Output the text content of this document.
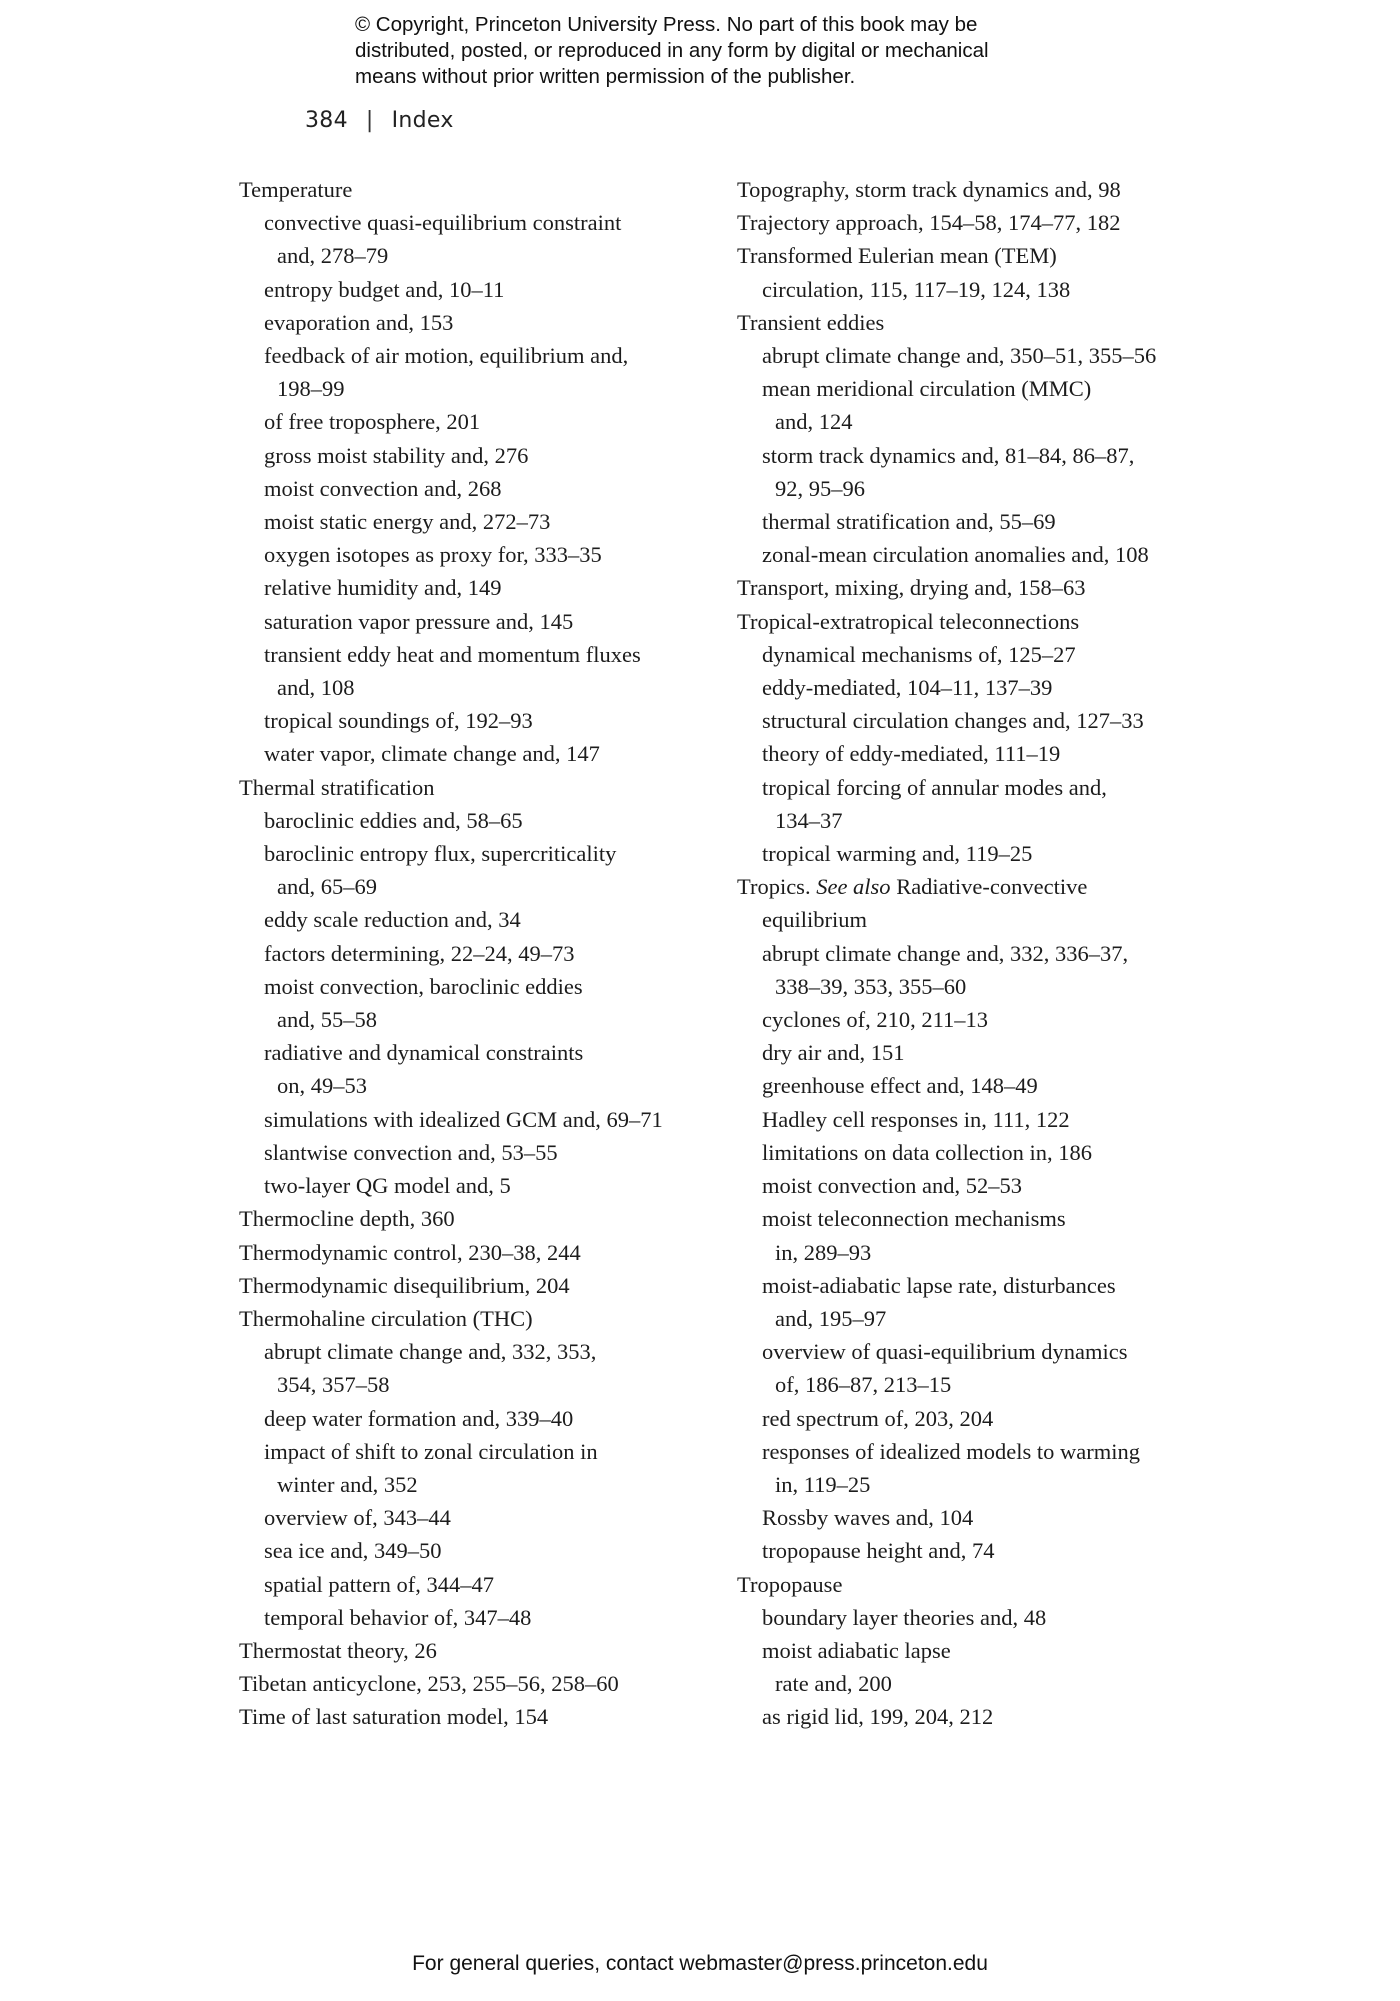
© Copyright, Princeton University Press. No part of this book may be
distributed, posted, or reproduced in any form by digital or mechanical
means without prior written permission of the publisher.
384 | Index
Temperature
convective quasi-equilibrium constraint
and, 278–79
entropy budget and, 10–11
evaporation and, 153
feedback of air motion, equilibrium and,
198–99
of free troposphere, 201
gross moist stability and, 276
moist convection and, 268
moist static energy and, 272–73
oxygen isotopes as proxy for, 333–35
relative humidity and, 149
saturation vapor pressure and, 145
transient eddy heat and momentum fluxes
and, 108
tropical soundings of, 192–93
water vapor, climate change and, 147
Thermal stratification
baroclinic eddies and, 58–65
baroclinic entropy flux, supercriticality
and, 65–69
eddy scale reduction and, 34
factors determining, 22–24, 49–73
moist convection, baroclinic eddies
and, 55–58
radiative and dynamical constraints
on, 49–53
simulations with idealized GCM and, 69–71
slantwise convection and, 53–55
two-layer QG model and, 5
Thermocline depth, 360
Thermodynamic control, 230–38, 244
Thermodynamic disequilibrium, 204
Thermohaline circulation (THC)
abrupt climate change and, 332, 353,
354, 357–58
deep water formation and, 339–40
impact of shift to zonal circulation in
winter and, 352
overview of, 343–44
sea ice and, 349–50
spatial pattern of, 344–47
temporal behavior of, 347–48
Thermostat theory, 26
Tibetan anticyclone, 253, 255–56, 258–60
Time of last saturation model, 154
Topography, storm track dynamics and, 98
Trajectory approach, 154–58, 174–77, 182
Transformed Eulerian mean (TEM)
circulation, 115, 117–19, 124, 138
Transient eddies
abrupt climate change and, 350–51, 355–56
mean meridional circulation (MMC)
and, 124
storm track dynamics and, 81–84, 86–87,
92, 95–96
thermal stratification and, 55–69
zonal-mean circulation anomalies and, 108
Transport, mixing, drying and, 158–63
Tropical-extratropical teleconnections
dynamical mechanisms of, 125–27
eddy-mediated, 104–11, 137–39
structural circulation changes and, 127–33
theory of eddy-mediated, 111–19
tropical forcing of annular modes and,
134–37
tropical warming and, 119–25
Tropics. See also Radiative-convective
equilibrium
abrupt climate change and, 332, 336–37,
338–39, 353, 355–60
cyclones of, 210, 211–13
dry air and, 151
greenhouse effect and, 148–49
Hadley cell responses in, 111, 122
limitations on data collection in, 186
moist convection and, 52–53
moist teleconnection mechanisms
in, 289–93
moist-adiabatic lapse rate, disturbances
and, 195–97
overview of quasi-equilibrium dynamics
of, 186–87, 213–15
red spectrum of, 203, 204
responses of idealized models to warming
in, 119–25
Rossby waves and, 104
tropopause height and, 74
Tropopause
boundary layer theories and, 48
moist adiabatic lapse
rate and, 200
as rigid lid, 199, 204, 212
For general queries, contact webmaster@press.princeton.edu
